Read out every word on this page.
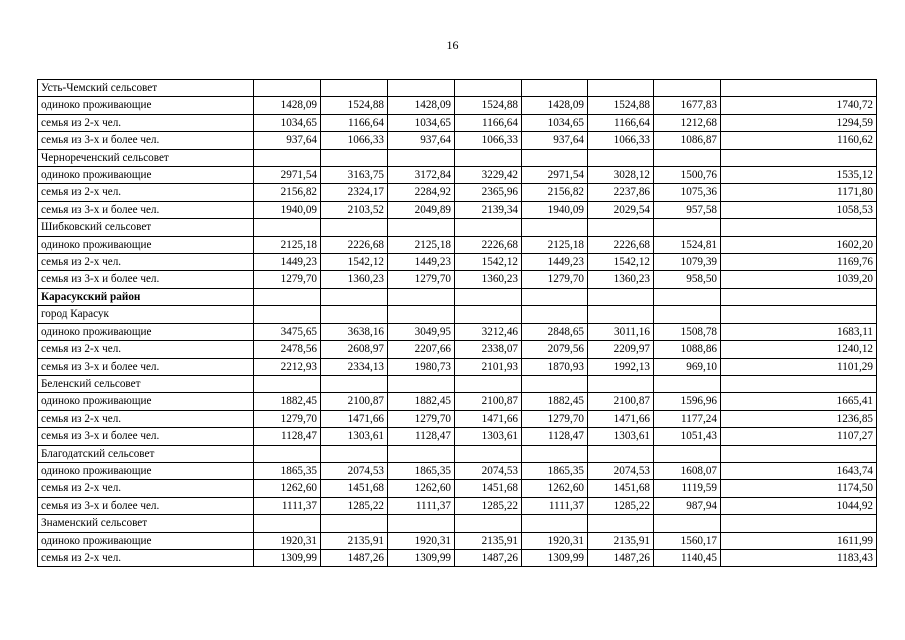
16
Усть-Чемский сельсовет								
одиноко проживающие	1428,09	1524,88	1428,09	1524,88	1428,09	1524,88	1677,83	1740,72
семья из 2-х чел.	1034,65	1166,64	1034,65	1166,64	1034,65	1166,64	1212,68	1294,59
семья из 3-х и более чел.	937,64	1066,33	937,64	1066,33	937,64	1066,33	1086,87	1160,62
Чернореченский сельсовет								
одиноко проживающие	2971,54	3163,75	3172,84	3229,42	2971,54	3028,12	1500,76	1535,12
семья из 2-х чел.	2156,82	2324,17	2284,92	2365,96	2156,82	2237,86	1075,36	1171,80
семья из 3-х и более чел.	1940,09	2103,52	2049,89	2139,34	1940,09	2029,54	957,58	1058,53
Шибковский сельсовет								
одиноко проживающие	2125,18	2226,68	2125,18	2226,68	2125,18	2226,68	1524,81	1602,20
семья из 2-х чел.	1449,23	1542,12	1449,23	1542,12	1449,23	1542,12	1079,39	1169,76
семья из 3-х и более чел.	1279,70	1360,23	1279,70	1360,23	1279,70	1360,23	958,50	1039,20
Карасукский район								
город Карасук								
одиноко проживающие	3475,65	3638,16	3049,95	3212,46	2848,65	3011,16	1508,78	1683,11
семья из 2-х чел.	2478,56	2608,97	2207,66	2338,07	2079,56	2209,97	1088,86	1240,12
семья из 3-х и более чел.	2212,93	2334,13	1980,73	2101,93	1870,93	1992,13	969,10	1101,29
Беленский сельсовет								
одиноко проживающие	1882,45	2100,87	1882,45	2100,87	1882,45	2100,87	1596,96	1665,41
семья из 2-х чел.	1279,70	1471,66	1279,70	1471,66	1279,70	1471,66	1177,24	1236,85
семья из 3-х и более чел.	1128,47	1303,61	1128,47	1303,61	1128,47	1303,61	1051,43	1107,27
Благодатский сельсовет								
одиноко проживающие	1865,35	2074,53	1865,35	2074,53	1865,35	2074,53	1608,07	1643,74
семья из 2-х чел.	1262,60	1451,68	1262,60	1451,68	1262,60	1451,68	1119,59	1174,50
семья из 3-х и более чел.	1111,37	1285,22	1111,37	1285,22	1111,37	1285,22	987,94	1044,92
Знаменский сельсовет								
одиноко проживающие	1920,31	2135,91	1920,31	2135,91	1920,31	2135,91	1560,17	1611,99
семья из 2-х чел.	1309,99	1487,26	1309,99	1487,26	1309,99	1487,26	1140,45	1183,43
